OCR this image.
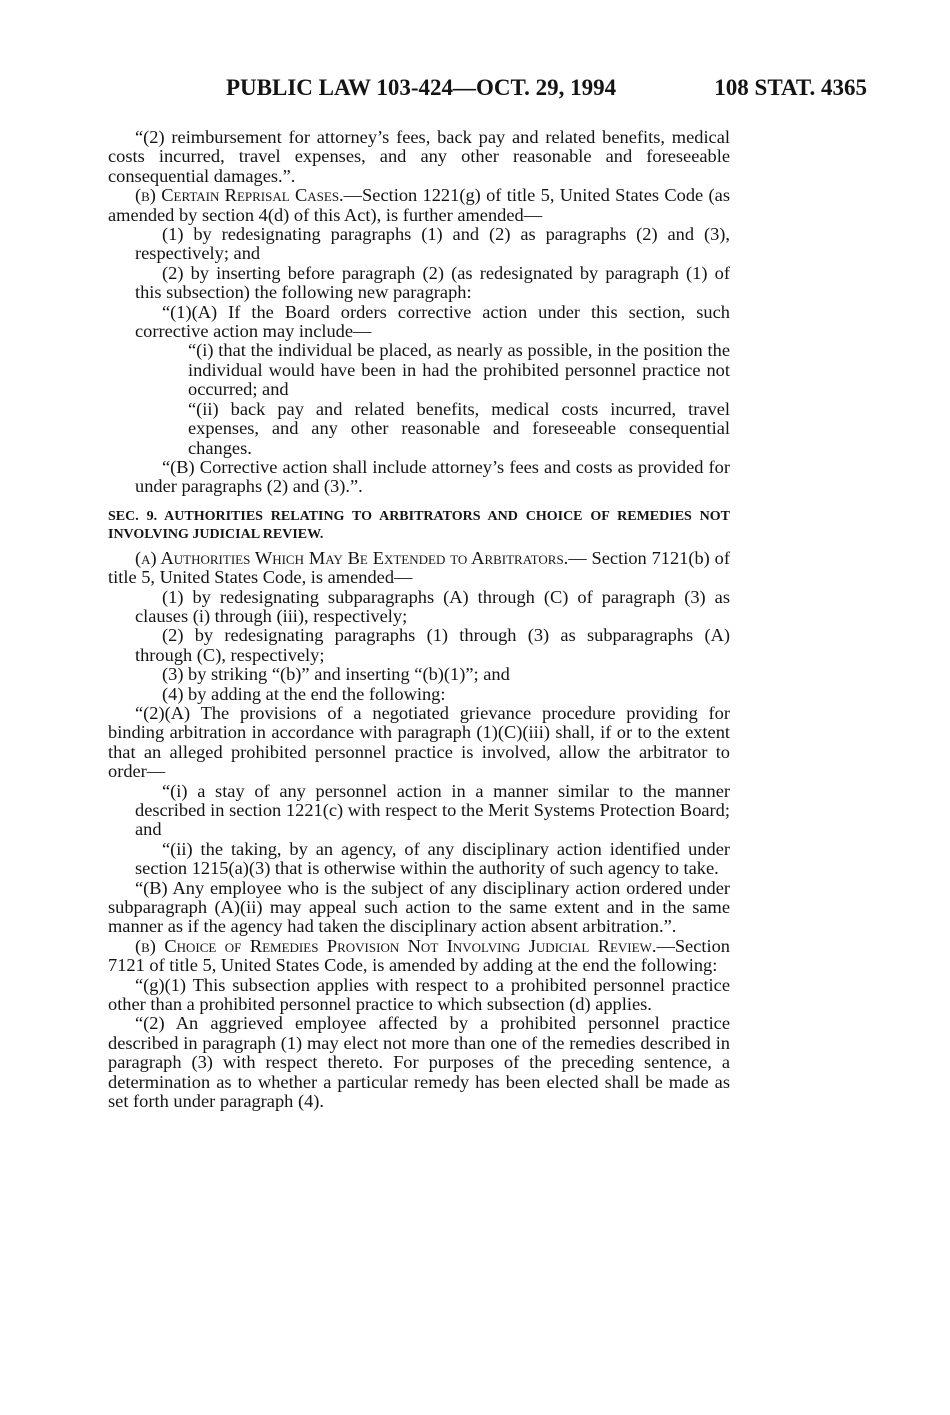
PUBLIC LAW 103-424—OCT. 29, 1994	108 STAT. 4365

“(2) reimbursement for attorney’s fees, back pay and related benefits, medical costs incurred, travel expenses, and any other reasonable and foreseeable consequential damages.”.

(b) Certain Reprisal Cases.—Section 1221(g) of title 5, United States Code (as amended by section 4(d) of this Act), is further amended—

(1) by redesignating paragraphs (1) and (2) as paragraphs (2) and (3), respectively; and

(2) by inserting before paragraph (2) (as redesignated by paragraph (1) of this subsection) the following new paragraph:

“(1)(A) If the Board orders corrective action under this section, such corrective action may include—

“(i) that the individual be placed, as nearly as possible, in the position the individual would have been in had the prohibited personnel practice not occurred; and

“(ii) back pay and related benefits, medical costs incurred, travel expenses, and any other reasonable and foreseeable consequential changes.

“(B) Corrective action shall include attorney’s fees and costs as provided for under paragraphs (2) and (3).”.

SEC. 9. AUTHORITIES RELATING TO ARBITRATORS AND CHOICE OF REMEDIES NOT INVOLVING JUDICIAL REVIEW.

(a) Authorities Which May Be Extended to Arbitrators.— Section 7121(b) of title 5, United States Code, is amended—

(1) by redesignating subparagraphs (A) through (C) of paragraph (3) as clauses (i) through (iii), respectively;

(2) by redesignating paragraphs (1) through (3) as subparagraphs (A) through (C), respectively;

(3) by striking “(b)” and inserting “(b)(1)”; and

(4) by adding at the end the following:

“(2)(A) The provisions of a negotiated grievance procedure providing for binding arbitration in accordance with paragraph (1)(C)(iii) shall, if or to the extent that an alleged prohibited personnel practice is involved, allow the arbitrator to order—

“(i) a stay of any personnel action in a manner similar to the manner described in section 1221(c) with respect to the Merit Systems Protection Board; and

“(ii) the taking, by an agency, of any disciplinary action identified under section 1215(a)(3) that is otherwise within the authority of such agency to take.

“(B) Any employee who is the subject of any disciplinary action ordered under subparagraph (A)(ii) may appeal such action to the same extent and in the same manner as if the agency had taken the disciplinary action absent arbitration.”.

(b) Choice of Remedies Provision Not Involving Judicial Review.—Section 7121 of title 5, United States Code, is amended by adding at the end the following:

“(g)(1) This subsection applies with respect to a prohibited personnel practice other than a prohibited personnel practice to which subsection (d) applies.

“(2) An aggrieved employee affected by a prohibited personnel practice described in paragraph (1) may elect not more than one of the remedies described in paragraph (3) with respect thereto. For purposes of the preceding sentence, a determination as to whether a particular remedy has been elected shall be made as set forth under paragraph (4).
